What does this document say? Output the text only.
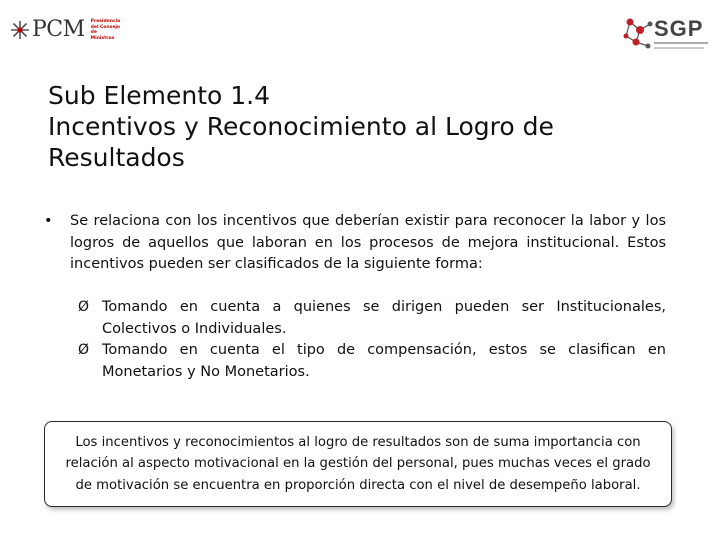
PCM Presidencia
del Consejo
de Ministros	SGP
Sub Elemento 1.4
Incentivos y Reconocimiento al Logro de
Resultados
•	Se relaciona con los incentivos que deberían existir para reconocer la labor y los logros de aquellos que laboran en los procesos de mejora institucional. Estos incentivos pueden ser clasificados de la siguiente forma:
Ø Tomando en cuenta a quienes se dirigen pueden ser Institucionales, Colectivos o Individuales.
Ø Tomando en cuenta el tipo de compensación, estos se clasifican en Monetarios y No Monetarios.
Los incentivos y reconocimientos al logro de resultados son de suma importancia con relación al aspecto motivacional en la gestión del personal, pues muchas veces el grado de motivación se encuentra en proporción directa con el nivel de desempeño laboral.
